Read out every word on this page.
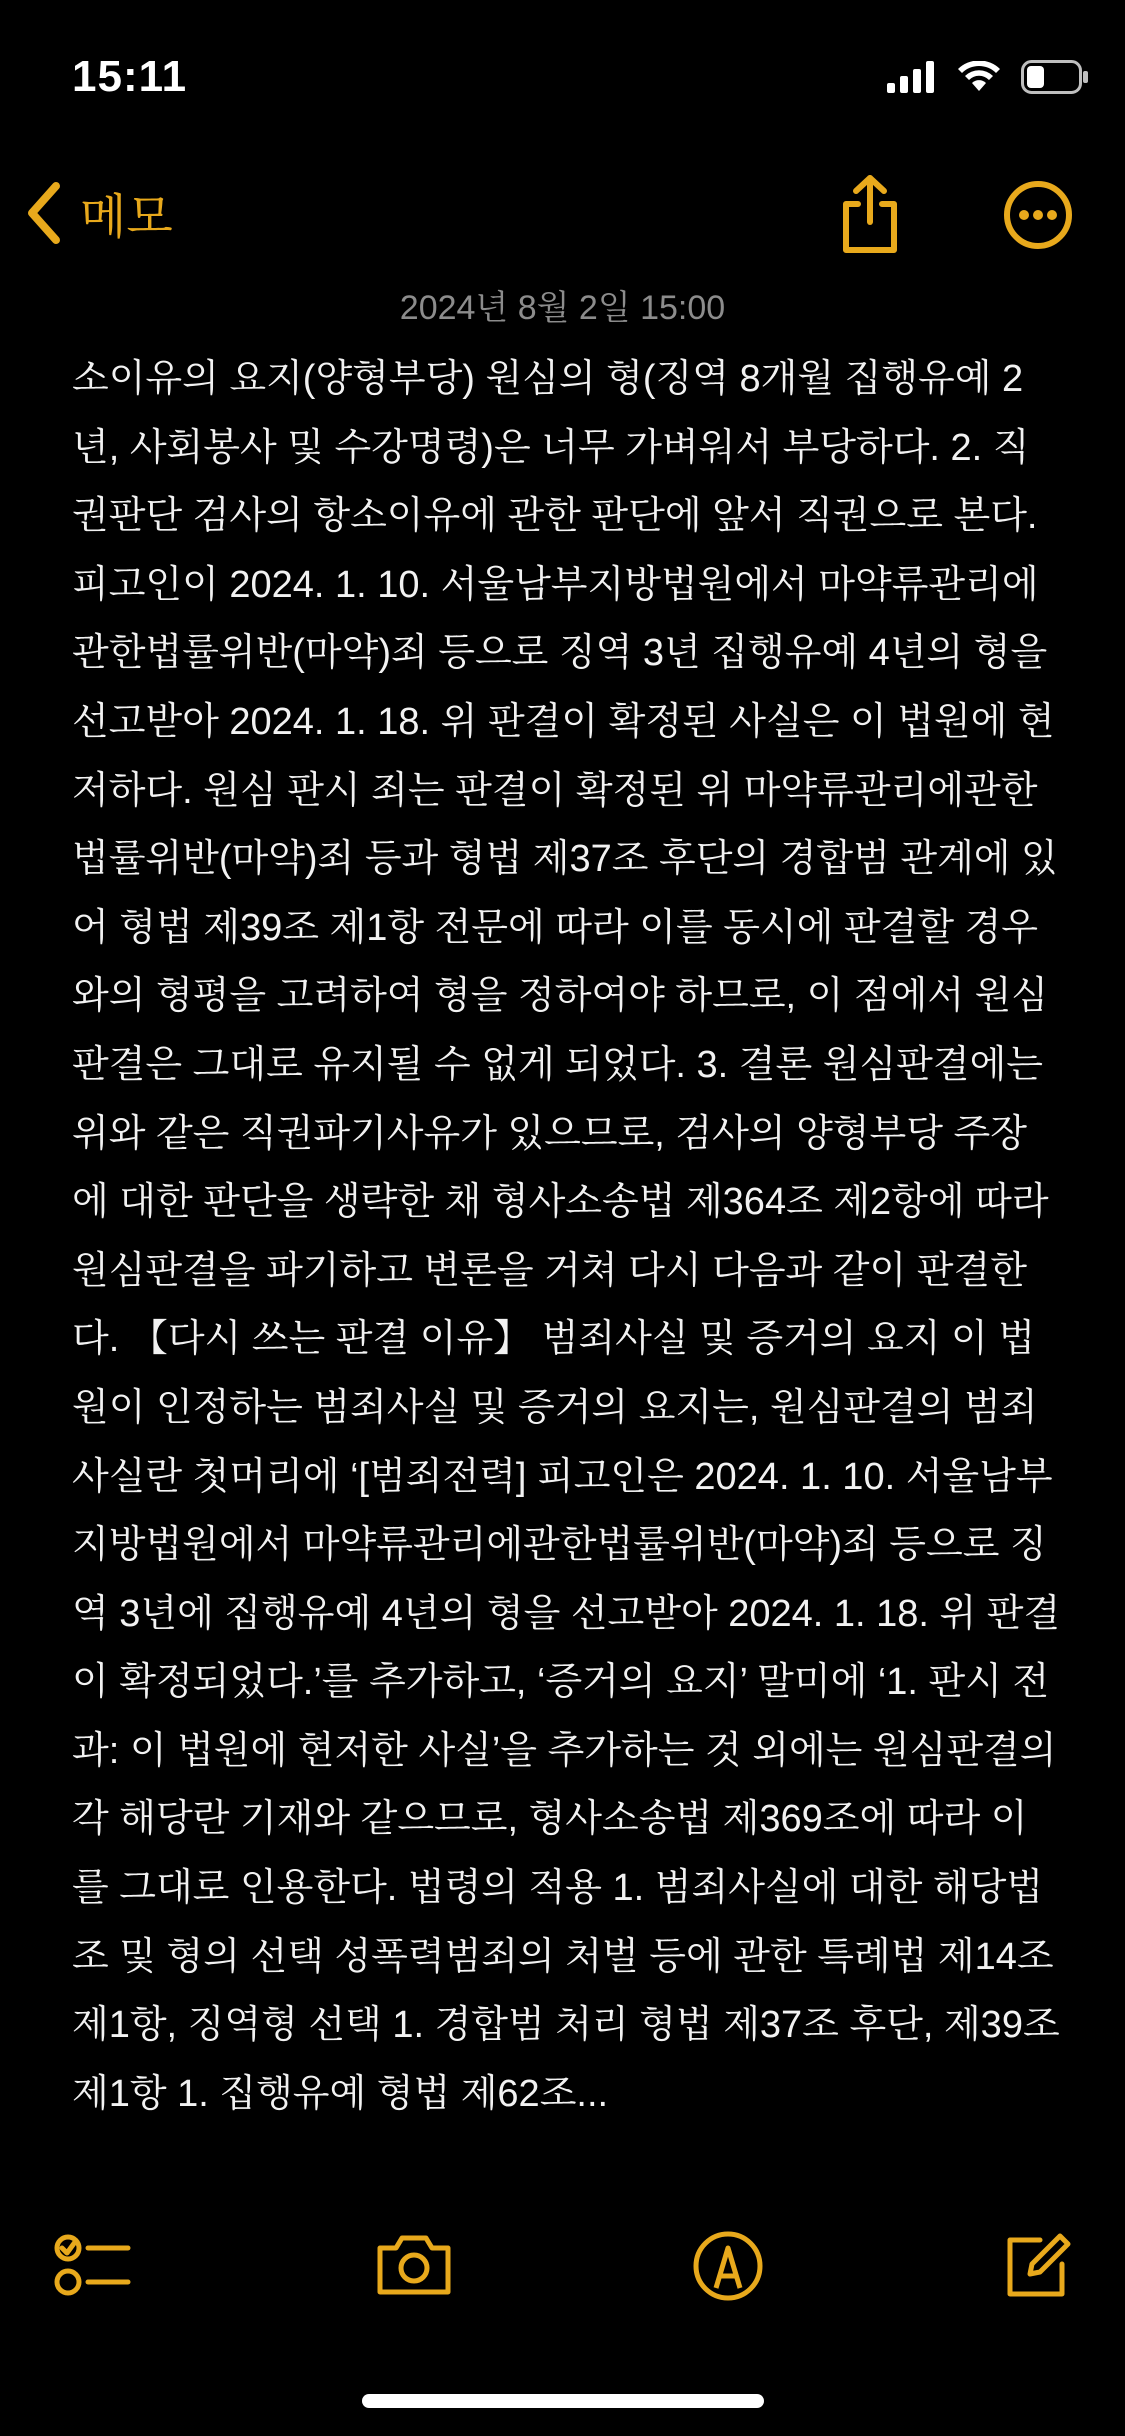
15:11
메모
2024년 8월 2일 15:00
소이유의 요지(양형부당) 원심의 형(징역 8개월 집행유예 2년, 사회봉사 및 수강명령)은 너무 가벼워서 부당하다. 2. 직권판단 검사의 항소이유에 관한 판단에 앞서 직권으로 본다. 피고인이 2024. 1. 10. 서울남부지방법원에서 마약류관리에관한법률위반(마약)죄 등으로 징역 3년 집행유예 4년의 형을 선고받아 2024. 1. 18. 위 판결이 확정된 사실은 이 법원에 현저하다. 원심 판시 죄는 판결이 확정된 위 마약류관리에관한법률위반(마약)죄 등과 형법 제37조 후단의 경합범 관계에 있어 형법 제39조 제1항 전문에 따라 이를 동시에 판결할 경우와의 형평을 고려하여 형을 정하여야 하므로, 이 점에서 원심판결은 그대로 유지될 수 없게 되었다. 3. 결론 원심판결에는 위와 같은 직권파기사유가 있으므로, 검사의 양형부당 주장에 대한 판단을 생략한 채 형사소송법 제364조 제2항에 따라 원심판결을 파기하고 변론을 거쳐 다시 다음과 같이 판결한다. 【다시 쓰는 판결 이유】 범죄사실 및 증거의 요지 이 법원이 인정하는 범죄사실 및 증거의 요지는, 원심판결의 범죄사실란 첫머리에 ‘[범죄전력] 피고인은 2024. 1. 10. 서울남부지방법원에서 마약류관리에관한법률위반(마약)죄 등으로 징역 3년에 집행유예 4년의 형을 선고받아 2024. 1. 18. 위 판결이 확정되었다.’를 추가하고, ‘증거의 요지’ 말미에 ‘1. 판시 전과: 이 법원에 현저한 사실’을 추가하는 것 외에는 원심판결의 각 해당란 기재와 같으므로, 형사소송법 제369조에 따라 이를 그대로 인용한다. 법령의 적용 1. 범죄사실에 대한 해당법조 및 형의 선택 성폭력범죄의 처벌 등에 관한 특례법 제14조 제1항, 징역형 선택 1. 경합범 처리 형법 제37조 후단, 제39조 제1항 1. 집행유예 형법 제62조...
